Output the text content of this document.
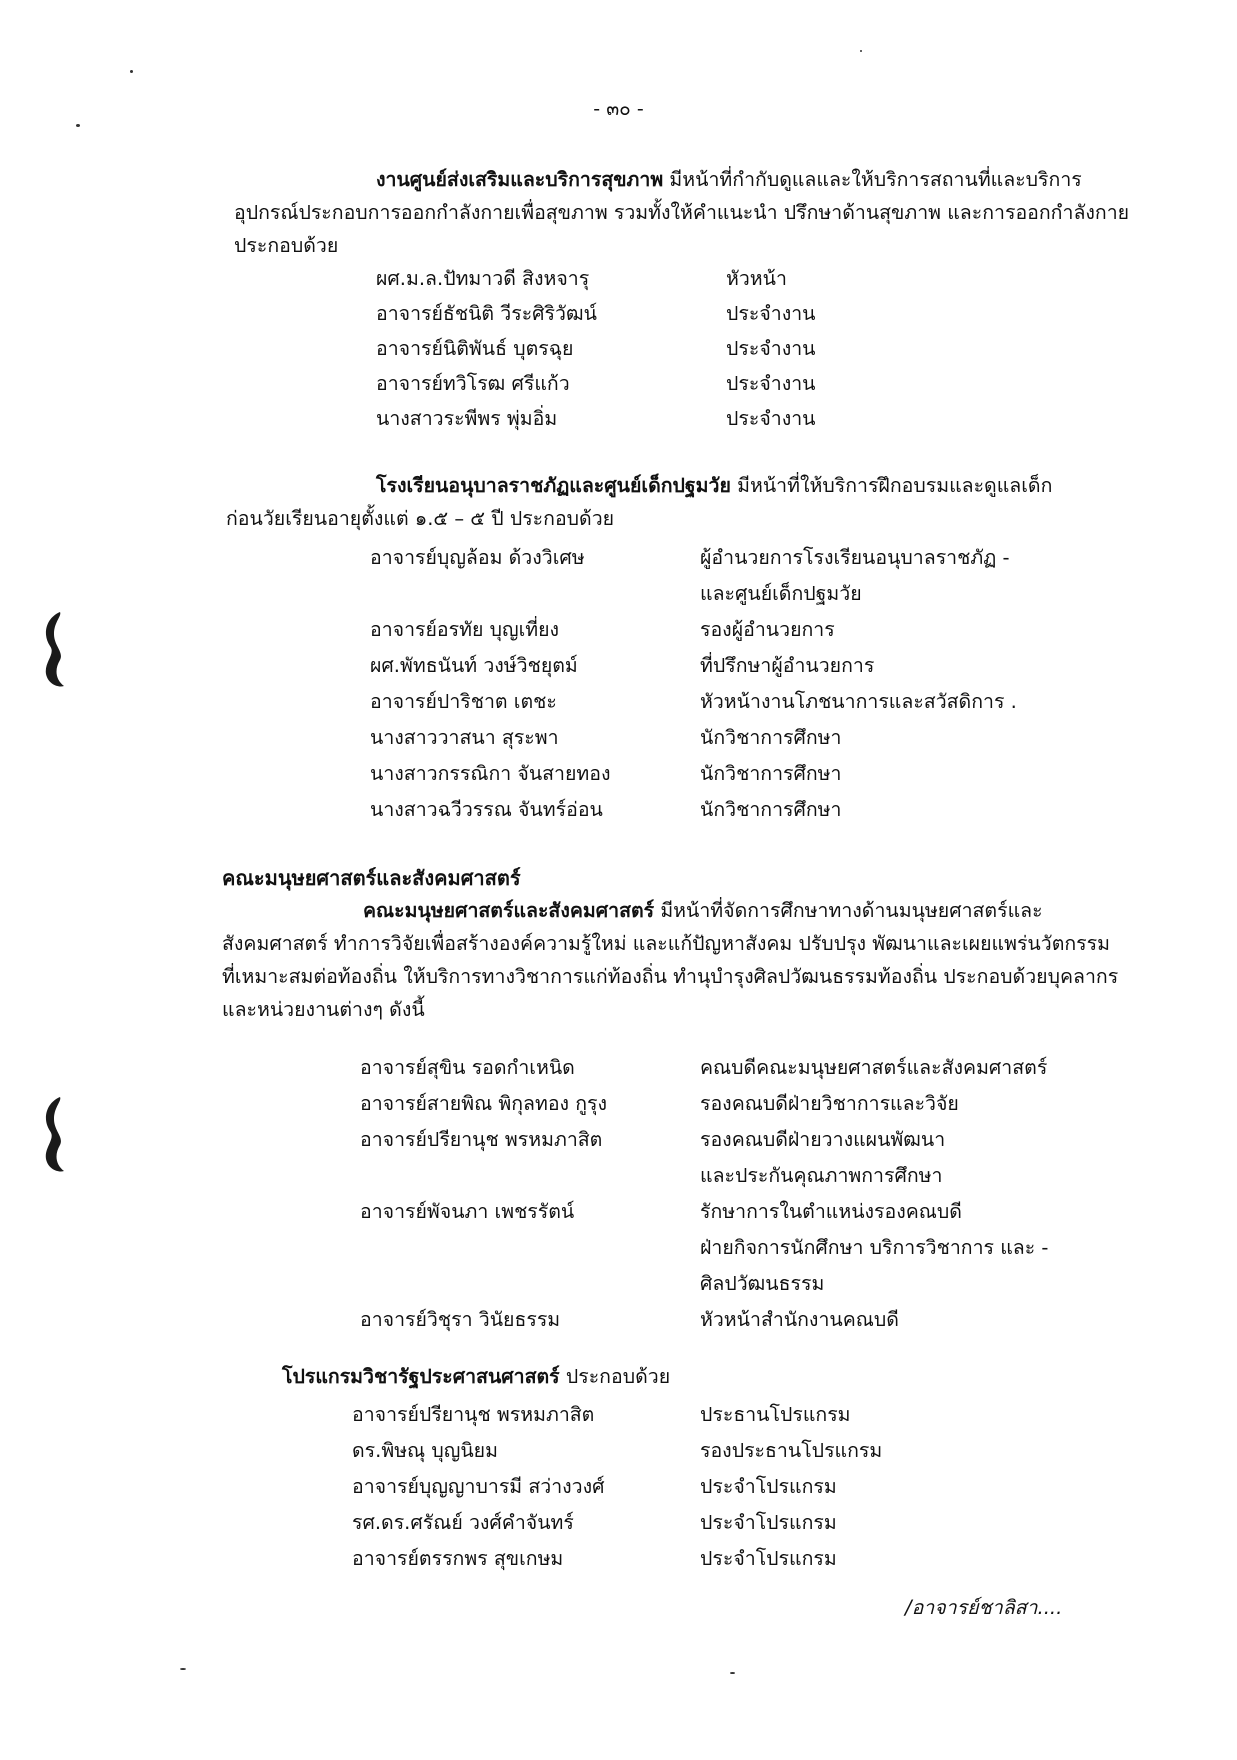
- ๓๐ -
งานศูนย์ส่งเสริมและบริการสุขภาพ มีหน้าที่กำกับดูแลและให้บริการสถานที่และบริการ
อุปกรณ์ประกอบการออกกำลังกายเพื่อสุขภาพ รวมทั้งให้คำแนะนำ ปรึกษาด้านสุขภาพ และการออกกำลังกาย
ประกอบด้วย
ผศ.ม.ล.ปัทมาวดี สิงหจารุ	หัวหน้า
อาจารย์ธัชนิติ วีระศิริวัฒน์	ประจำงาน
อาจารย์นิติพันธ์ บุตรฉุย	ประจำงาน
อาจารย์ทวิโรฒ ศรีแก้ว	ประจำงาน
นางสาวระพีพร พุ่มอิ่ม	ประจำงาน
โรงเรียนอนุบาลราชภัฏและศูนย์เด็กปฐมวัย มีหน้าที่ให้บริการฝึกอบรมและดูแลเด็ก
ก่อนวัยเรียนอายุตั้งแต่ ๑.๕ – ๕ ปี ประกอบด้วย
อาจารย์บุญล้อม ด้วงวิเศษ	ผู้อำนวยการโรงเรียนอนุบาลราชภัฏ -
และศูนย์เด็กปฐมวัย
อาจารย์อรทัย บุญเที่ยง	รองผู้อำนวยการ
ผศ.พัทธนันท์ วงษ์วิชยุตม์	ที่ปรึกษาผู้อำนวยการ
อาจารย์ปาริชาต เตชะ	หัวหน้างานโภชนาการและสวัสดิการ .
นางสาววาสนา สุระพา	นักวิชาการศึกษา
นางสาวกรรณิกา จันสายทอง	นักวิชาการศึกษา
นางสาวฉวีวรรณ จันทร์อ่อน	นักวิชาการศึกษา
คณะมนุษยศาสตร์และสังคมศาสตร์
คณะมนุษยศาสตร์และสังคมศาสตร์ มีหน้าที่จัดการศึกษาทางด้านมนุษยศาสตร์และ
สังคมศาสตร์ ทำการวิจัยเพื่อสร้างองค์ความรู้ใหม่ และแก้ปัญหาสังคม ปรับปรุง พัฒนาและเผยแพร่นวัตกรรม
ที่เหมาะสมต่อท้องถิ่น ให้บริการทางวิชาการแก่ท้องถิ่น ทำนุบำรุงศิลปวัฒนธรรมท้องถิ่น ประกอบด้วยบุคลากร
และหน่วยงานต่างๆ ดังนี้
อาจารย์สุขิน รอดกำเหนิด	คณบดีคณะมนุษยศาสตร์และสังคมศาสตร์
อาจารย์สายพิณ พิกุลทอง กูรุง	รองคณบดีฝ่ายวิชาการและวิจัย
อาจารย์ปรียานุช พรหมภาสิต	รองคณบดีฝ่ายวางแผนพัฒนา
และประกันคุณภาพการศึกษา
อาจารย์พัจนภา เพชรรัตน์	รักษาการในตำแหน่งรองคณบดี
ฝ่ายกิจการนักศึกษา บริการวิชาการ และ -
ศิลปวัฒนธรรม
อาจารย์วิชุรา วินัยธรรม	หัวหน้าสำนักงานคณบดี
โปรแกรมวิชารัฐประศาสนศาสตร์ ประกอบด้วย
อาจารย์ปรียานุช พรหมภาสิต	ประธานโปรแกรม
ดร.พิษณุ บุญนิยม	รองประธานโปรแกรม
อาจารย์บุญญาบารมี สว่างวงศ์	ประจำโปรแกรม
รศ.ดร.ศรัณย์ วงศ์คำจันทร์	ประจำโปรแกรม
อาจารย์ตรรกพร สุขเกษม	ประจำโปรแกรม
/อาจารย์ชาลิสา....
